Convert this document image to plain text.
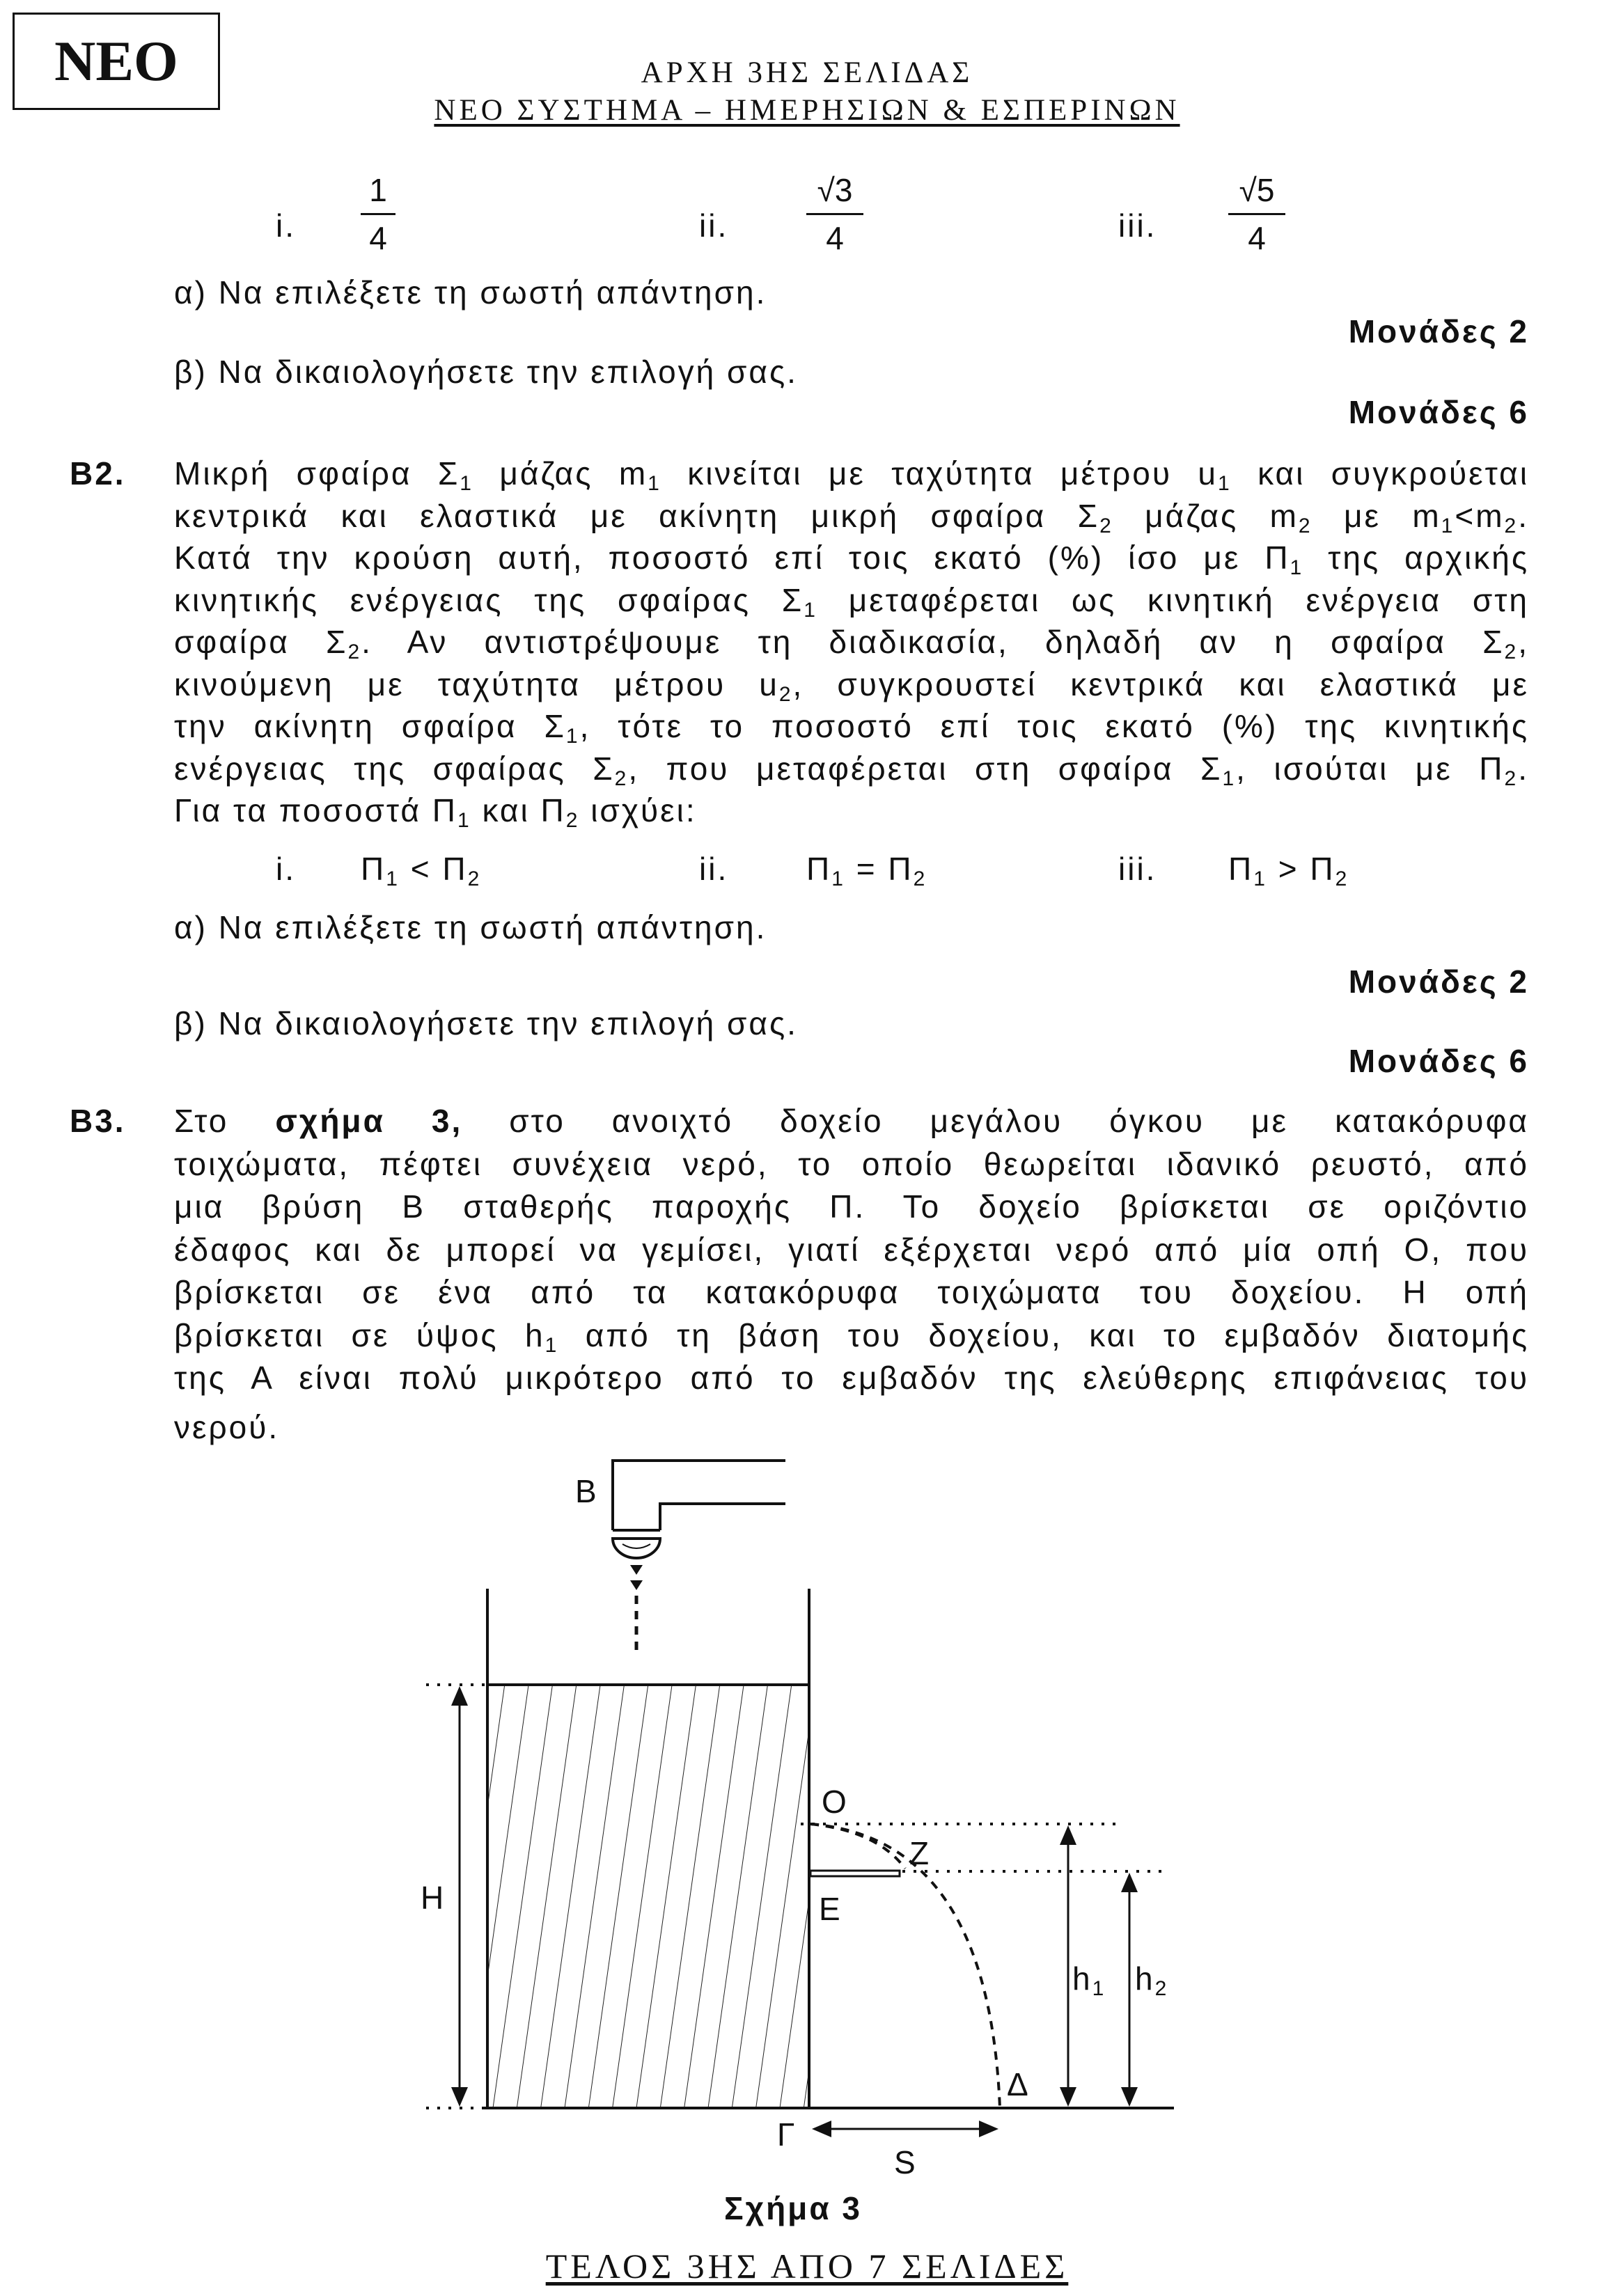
ΝΕΟ	ΑΡΧΗ 3ΗΣ ΣΕΛΙΔΑΣ
ΝΕΟ ΣΥΣΤΗΜΑ – ΗΜΕΡΗΣΙΩΝ & ΕΣΠΕΡΙΝΩΝ
i.
1
4	ii.
√3
4	iii.
√5
4
α) Να επιλέξετε τη σωστή απάντηση.
Μονάδες 2
β) Να δικαιολογήσετε την επιλογή σας.
Μονάδες 6
Β2. Μικρή σφαίρα $\Sigma_1$ μάζας $m_1$ κινείται με ταχύτητα μέτρου $u_1$ και συγκρούεται
κεντρικά και ελαστικά με ακίνητη μικρή σφαίρα $\Sigma_2$ μάζας $m_2$ με $m_1<m_2$.
Κατά την κρούση αυτή, ποσοστό επί τοις εκατό (%) ίσο με $\Pi_1$ της αρχικής
κινητικής ενέργειας της σφαίρας $\Sigma_1$ μεταφέρεται ως κινητική ενέργεια στη
σφαίρα $\Sigma_2$. Αν αντιστρέψουμε τη διαδικασία, δηλαδή αν η σφαίρα $\Sigma_2$,
κινούμενη με ταχύτητα μέτρου $u_2$, συγκρουστεί κεντρικά και ελαστικά με
την ακίνητη σφαίρα $\Sigma_1$, τότε το ποσοστό επί τοις εκατό (%) της κινητικής
ενέργειας της σφαίρας $\Sigma_2$, που μεταφέρεται στη σφαίρα $\Sigma_1$, ισούται με $\Pi_2$.
Για τα ποσοστά $\Pi_1$ και $\Pi_2$ ισχύει:
i. $\Pi_1 < \Pi_2$	ii. $\Pi_1 = \Pi_2$	iii. $\Pi_1 > \Pi_2$
α) Να επιλέξετε τη σωστή απάντηση.
Μονάδες 2
β) Να δικαιολογήσετε την επιλογή σας.
Μονάδες 6
Β3. Στο σχήμα 3, στο ανοιχτό δοχείο μεγάλου όγκου με κατακόρυφα
τοιχώματα, πέφτει συνέχεια νερό, το οποίο θεωρείται ιδανικό ρευστό, από
μια βρύση Β σταθερής παροχής Π. Το δοχείο βρίσκεται σε οριζόντιο
έδαφος και δε μπορεί να γεμίσει, γιατί εξέρχεται νερό από μία οπή Ο, που
βρίσκεται σε ένα από τα κατακόρυφα τοιχώματα του δοχείου. Η οπή
βρίσκεται σε ύψος $h_1$ από τη βάση του δοχείου, και το εμβαδόν διατομής
της Α είναι πολύ μικρότερο από το εμβαδόν της ελεύθερης επιφάνειας του
νερού.
Β
Η
Ο
Ζ
Ε
$h_1$ $h_2$
Δ
Γ
S
Σχήμα 3
ΤΕΛΟΣ 3ΗΣ ΑΠΟ 7 ΣΕΛΙΔΕΣ
